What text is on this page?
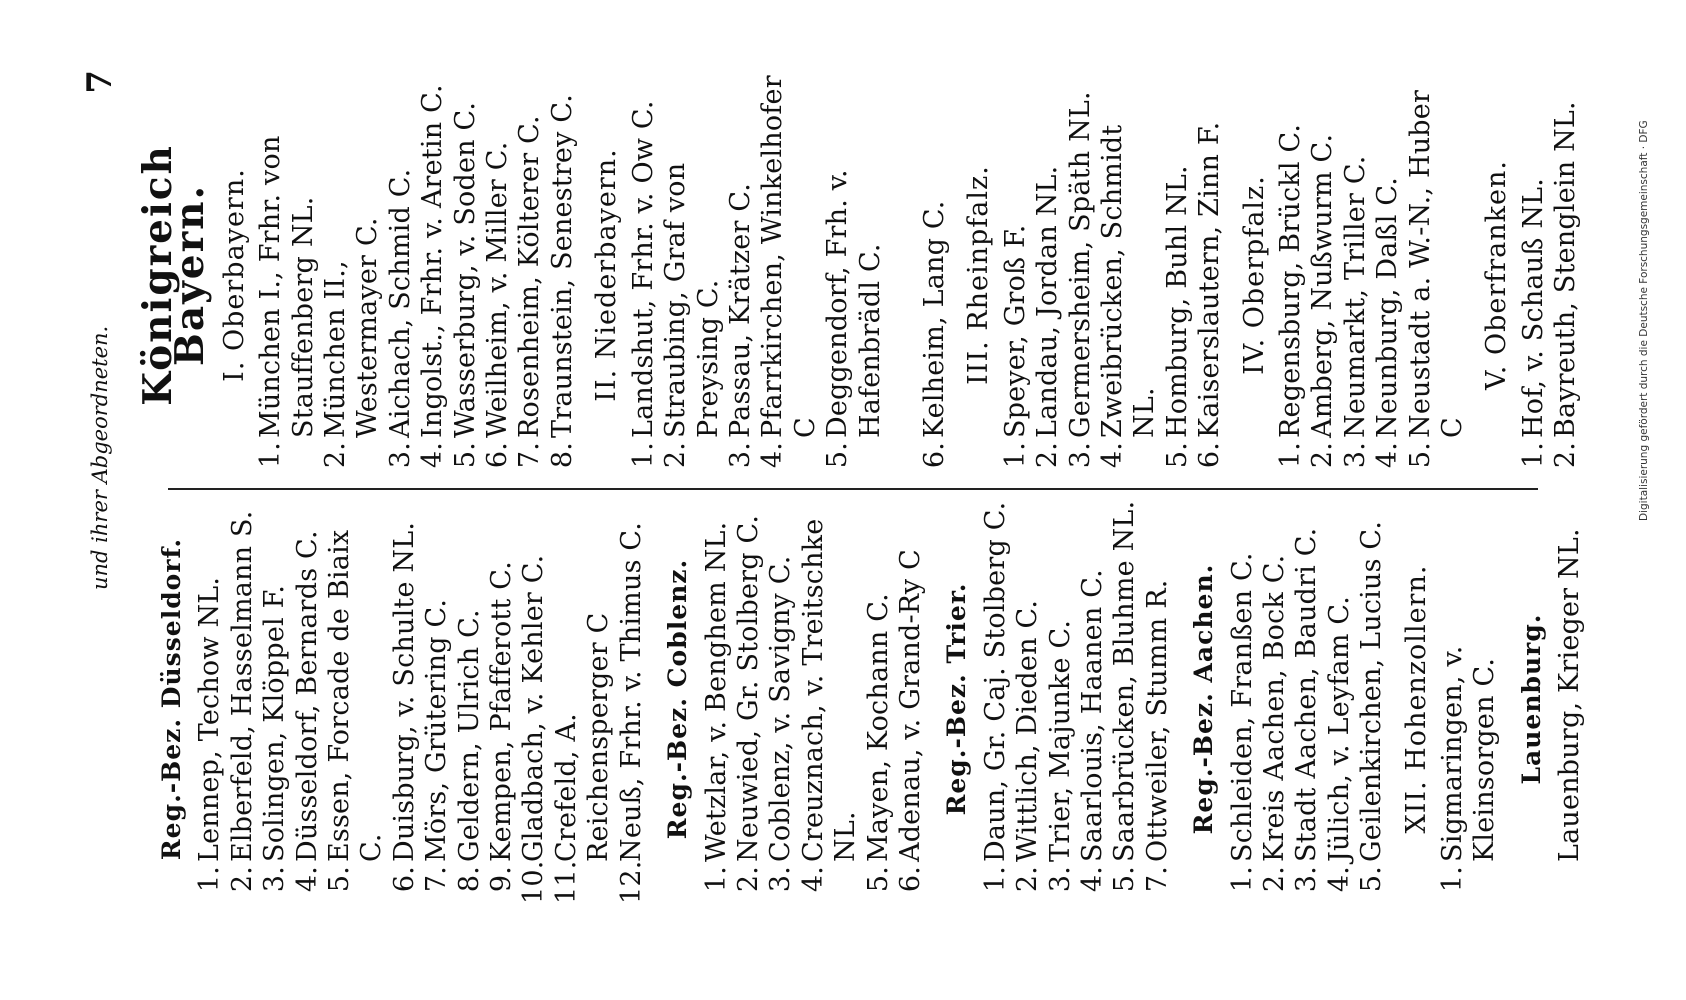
und ihrer Abgeordneten.
7
Reg.-Bez. Düsseldorf.
1.
Lennep, Techow NL.
2.
Elberfeld, Hasselmann S.
3.
Solingen, Klöppel F.
4.
Düsseldorf, Bernards C.
5.
Essen, Forcade de Biaix C.
6.
Duisburg, v. Schulte NL.
7.
Mörs, Grütering C.
8.
Geldern, Ulrich C.
9.
Kempen, Pfafferott C.
10.
Gladbach, v. Kehler C.
11.
Crefeld, A. Reichensperger C
12.
Neuß, Frhr. v. Thimus C. Reg.-Bez. Coblenz.
1.
Wetzlar, v. Benghem NL.
2.
Neuwied, Gr. Stolberg C.
3.
Coblenz, v. Savigny C.
4.
Creuznach, v. Treitschke NL.
5.
Mayen, Kochann C.
6.
Adenau, v. Grand-Ry C Reg.-Bez. Trier.
1.
Daun, Gr. Caj. Stolberg C.
2.
Wittlich, Dieden C.
3.
Trier, Majunke C.
4.
Saarlouis, Haanen C.
5.
Saarbrücken, Bluhme NL.
7.
Ottweiler, Stumm R. Reg.-Bez. Aachen.
1.
Schleiden, Franßen C.
2.
Kreis Aachen, Bock C.
3.
Stadt Aachen, Baudri C.
4.
Jülich, v. Leyfam C.
5.
Geilenkirchen, Lucius C. XII. Hohenzollern.
1.
Sigmaringen, v. Kleinsorgen C. Lauenburg. Lauenburg, Krieger NL.
Königreich Bayern. I. Oberbayern.
1.
München I., Frhr. von Stauffenberg NL.
2.
München II., Westermayer C.
3.
Aichach, Schmid C.
4.
Ingolst., Frhr. v. Aretin C.
5.
Wasserburg, v. Soden C.
6.
Weilheim, v. Miller C.
7.
Rosenheim, Költerer C.
8.
Traunstein, Senestrey C. II. Niederbayern.
1.
Landshut, Frhr. v. Ow C.
2.
Straubing, Graf von Preysing C.
3.
Passau, Krätzer C.
4.
Pfarrkirchen, Winkelhofer C
5.
Deggendorf, Frh. v. Hafenbrädl C.
6.
Kelheim, Lang C. III. Rheinpfalz.
1.
Speyer, Groß F.
2.
Landau, Jordan NL.
3.
Germersheim, Späth NL.
4.
Zweibrücken, Schmidt NL.
5.
Homburg, Buhl NL.
6.
Kaiserslautern, Zinn F. IV. Oberpfalz.
1.
Regensburg, Brückl C.
2.
Amberg, Nußwurm C.
3.
Neumarkt, Triller C.
4.
Neunburg, Daßl C.
5.
Neustadt a. W.-N., Huber C
V. Oberfranken.
1.
Hof, v. Schauß NL.
2.
Bayreuth, Stenglein NL.	Digitalisierung gefördert durch die Deutsche Forschungsgemeinschaft · DFG
